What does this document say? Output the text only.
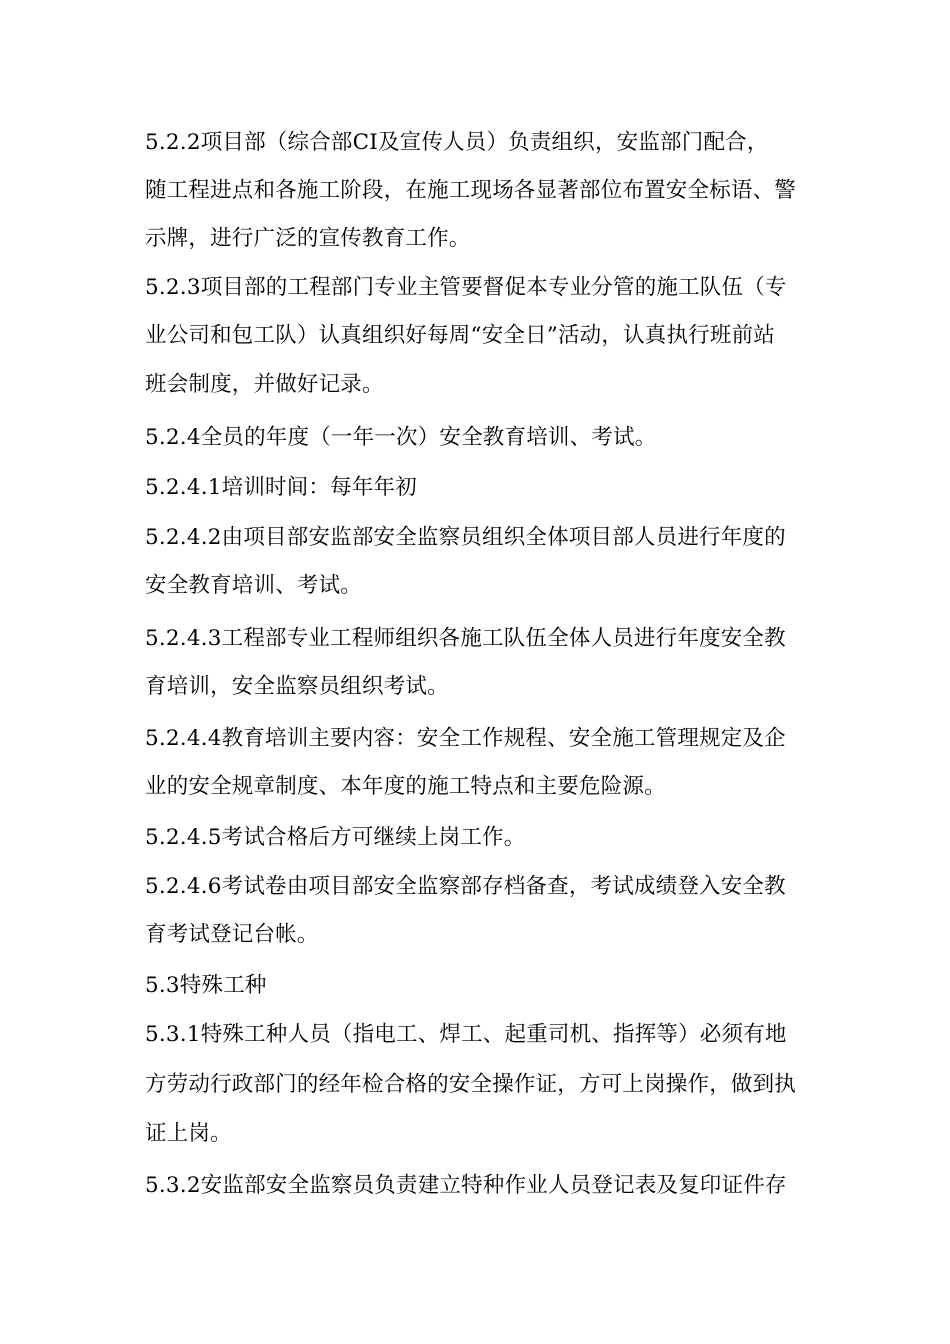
5.2.2项目部（综合部CI及宣传人员）负责组织，安监部门配合，

随工程进点和各施工阶段，在施工现场各显著部位布置安全标语、警

示牌，进行广泛的宣传教育工作。

5.2.3项目部的工程部门专业主管要督促本专业分管的施工队伍（专

业公司和包工队）认真组织好每周“安全日”活动，认真执行班前站

班会制度，并做好记录。

5.2.4全员的年度（一年一次）安全教育培训、考试。

5.2.4.1培训时间：每年年初

5.2.4.2由项目部安监部安全监察员组织全体项目部人员进行年度的

安全教育培训、考试。

5.2.4.3工程部专业工程师组织各施工队伍全体人员进行年度安全教

育培训，安全监察员组织考试。

5.2.4.4教育培训主要内容：安全工作规程、安全施工管理规定及企

业的安全规章制度、本年度的施工特点和主要危险源。

5.2.4.5考试合格后方可继续上岗工作。

5.2.4.6考试卷由项目部安全监察部存档备查，考试成绩登入安全教

育考试登记台帐。

5.3特殊工种

5.3.1特殊工种人员（指电工、焊工、起重司机、指挥等）必须有地

方劳动行政部门的经年检合格的安全操作证，方可上岗操作，做到执

证上岗。

5.3.2安监部安全监察员负责建立特种作业人员登记表及复印证件存
